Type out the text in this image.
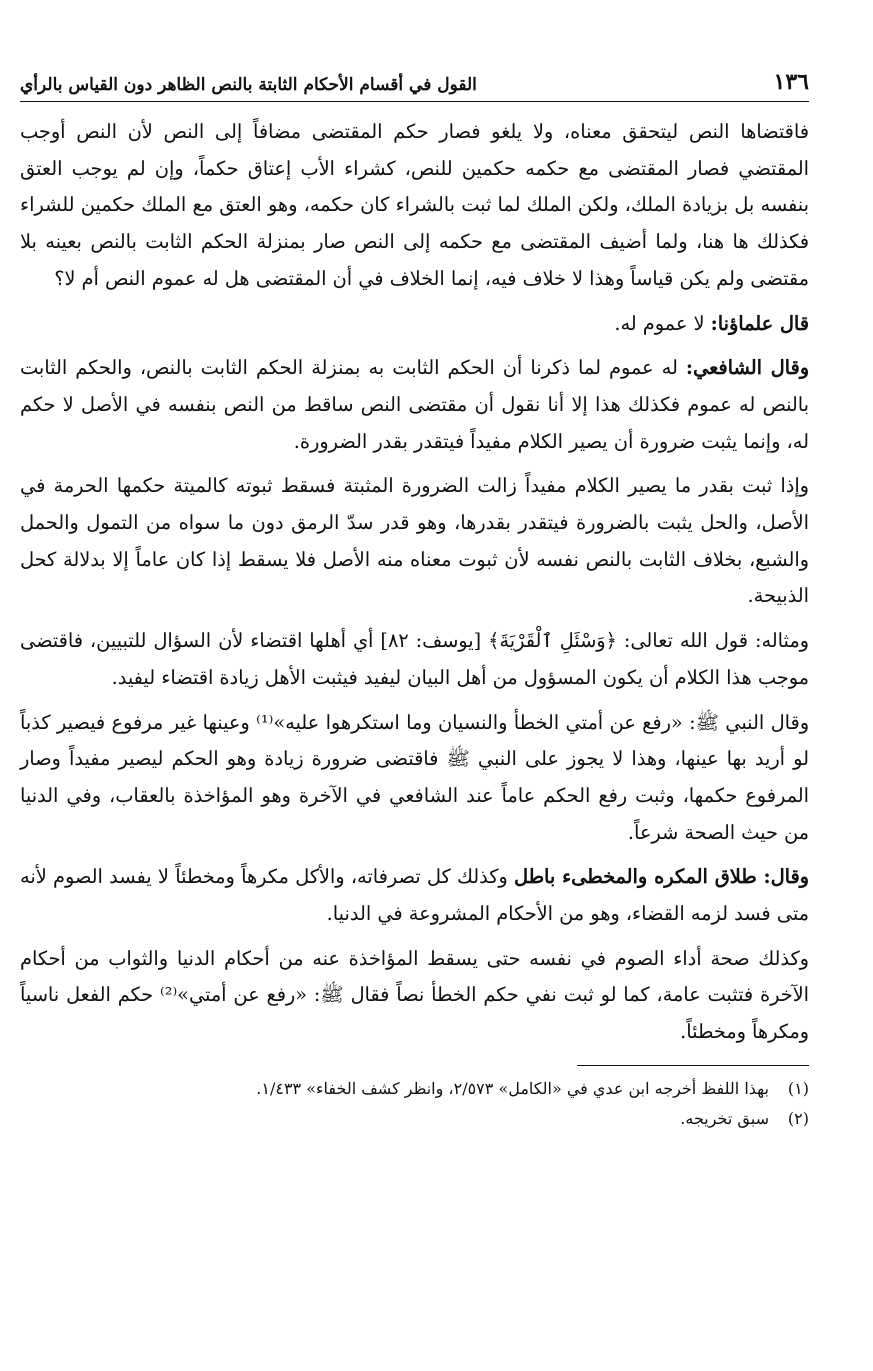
١٣٦
القول في أقسام الأحكام الثابتة بالنص الظاهر دون القياس بالرأي

فاقتضاها النص ليتحقق معناه، ولا يلغو فصار حكم المقتضى مضافاً إلى النص لأن النص أوجب المقتضي فصار المقتضى مع حكمه حكمين للنص، كشراء الأب إعتاق حكماً، وإن لم يوجب العتق بنفسه بل بزيادة الملك، ولكن الملك لما ثبت بالشراء كان حكمه، وهو العتق مع الملك حكمين للشراء فكذلك ها هنا، ولما أضيف المقتضى مع حكمه إلى النص صار بمنزلة الحكم الثابت بالنص بعينه بلا مقتضى ولم يكن قياساً وهذا لا خلاف فيه، إنما الخلاف في أن المقتضى هل له عموم النص أم لا؟

قال علماؤنا: لا عموم له.

وقال الشافعي: له عموم لما ذكرنا أن الحكم الثابت به بمنزلة الحكم الثابت بالنص، والحكم الثابت بالنص له عموم فكذلك هذا إلا أنا نقول أن مقتضى النص ساقط من النص بنفسه في الأصل لا حكم له، وإنما يثبت ضرورة أن يصير الكلام مفيداً فيتقدر بقدر الضرورة.

وإذا ثبت بقدر ما يصير الكلام مفيداً زالت الضرورة المثبتة فسقط ثبوته كالميتة حكمها الحرمة في الأصل، والحل يثبت بالضرورة فيتقدر بقدرها، وهو قدر سدّ الرمق دون ما سواه من التمول والحمل والشبع، بخلاف الثابت بالنص نفسه لأن ثبوت معناه منه الأصل فلا يسقط إذا كان عاماً إلا بدلالة كحل الذبيحة.

ومثاله: قول الله تعالى: ﴿وَسْئَلِ ٱلْقَرْيَةَ﴾ [يوسف: ٨٢] أي أهلها اقتضاء لأن السؤال للتبيين، فاقتضى موجب هذا الكلام أن يكون المسؤول من أهل البيان ليفيد فيثبت الأهل زيادة اقتضاء ليفيد.

وقال النبي ﷺ: «رفع عن أمتي الخطأ والنسيان وما استكرهوا عليه»⁽¹⁾ وعينها غير مرفوع فيصير كذباً لو أريد بها عينها، وهذا لا يجوز على النبي ﷺ فاقتضى ضرورة زيادة وهو الحكم ليصير مفيداً وصار المرفوع حكمها، وثبت رفع الحكم عاماً عند الشافعي في الآخرة وهو المؤاخذة بالعقاب، وفي الدنيا من حيث الصحة شرعاً.

وقال: طلاق المكره والمخطىء باطل وكذلك كل تصرفاته، والأكل مكرهاً ومخطئاً لا يفسد الصوم لأنه متى فسد لزمه القضاء، وهو من الأحكام المشروعة في الدنيا.

وكذلك صحة أداء الصوم في نفسه حتى يسقط المؤاخذة عنه من أحكام الدنيا والثواب من أحكام الآخرة فتثبت عامة، كما لو ثبت نفي حكم الخطأ نصاً فقال ﷺ: «رفع عن أمتي»⁽²⁾ حكم الفعل ناسياً ومكرهاً ومخطئاً.

(١)
بهذا اللفظ أخرجه ابن عدي في «الكامل» ٢/٥٧٣، وانظر كشف الخفاء» ١/٤٣٣.
(٢)
سبق تخريجه.
